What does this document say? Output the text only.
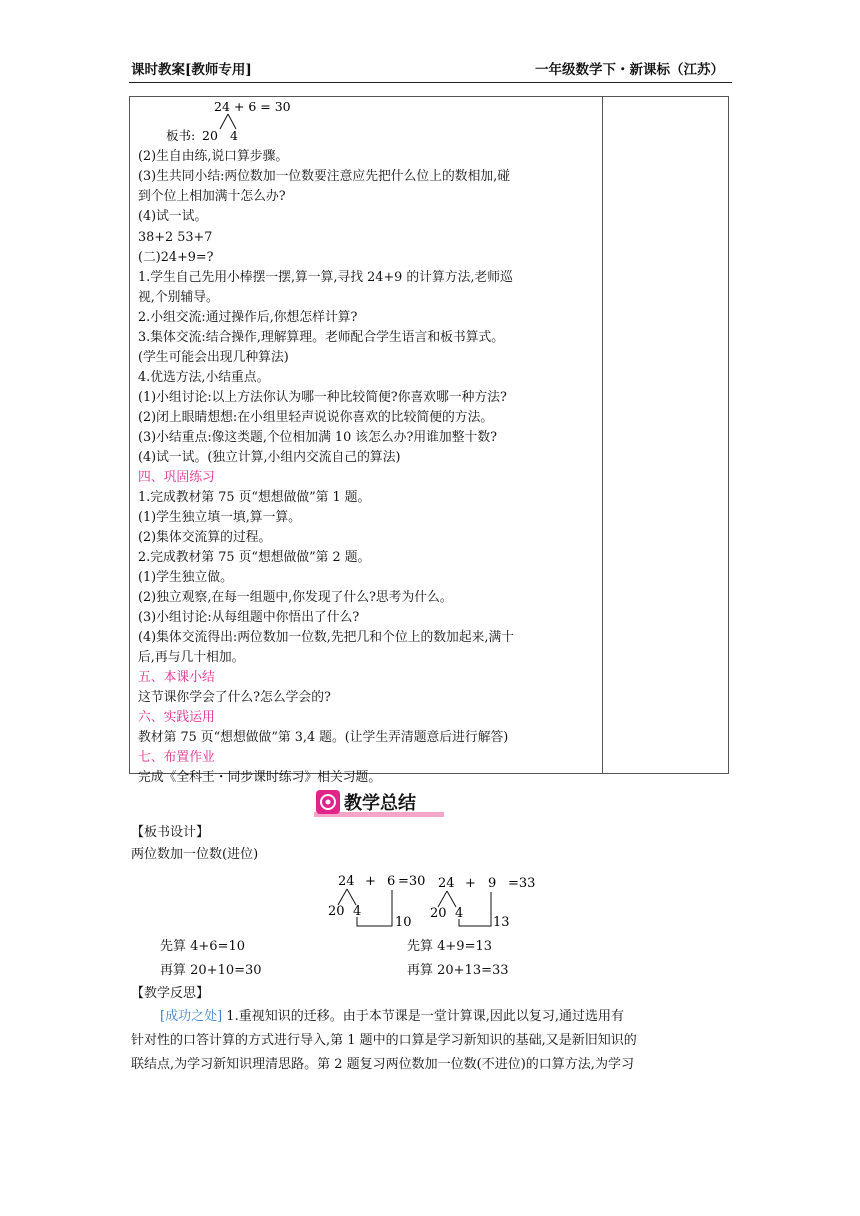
课时教案[教师专用]	一年级数学下・新课标（江苏）
24 + 6 = 30
板书: 20 4
(2)生自由练,说口算步骤。
(3)生共同小结:两位数加一位数要注意应先把什么位上的数相加,碰
到个位上相加满十怎么办?
(4)试一试。
38+2 53+7
(二)24+9=?
1.学生自己先用小棒摆一摆,算一算,寻找 24+9 的计算方法,老师巡
视,个别辅导。
2.小组交流:通过操作后,你想怎样计算?
3.集体交流:结合操作,理解算理。老师配合学生语言和板书算式。
(学生可能会出现几种算法)
4.优选方法,小结重点。
(1)小组讨论:以上方法你认为哪一种比较简便?你喜欢哪一种方法?
(2)闭上眼睛想想:在小组里轻声说说你喜欢的比较简便的方法。
(3)小结重点:像这类题,个位相加满 10 该怎么办?用谁加整十数?
(4)试一试。(独立计算,小组内交流自己的算法)
四、巩固练习
1.完成教材第 75 页“想想做做”第 1 题。
(1)学生独立填一填,算一算。
(2)集体交流算的过程。
2.完成教材第 75 页“想想做做”第 2 题。
(1)学生独立做。
(2)独立观察,在每一组题中,你发现了什么?思考为什么。
(3)小组讨论:从每组题中你悟出了什么?
(4)集体交流得出:两位数加一位数,先把几和个位上的数加起来,满十
后,再与几十相加。
五、本课小结
这节课你学会了什么?怎么学会的?
六、实践运用
教材第 75 页“想想做做”第 3,4 题。(让学生弄清题意后进行解答)
七、布置作业
完成《全科王・同步课时练习》相关习题。
教学总结
【板书设计】
两位数加一位数(进位)
24 + 6 =30
20 4
10
24 + 9 =33
20 4
13
先算 4+6=10
再算 20+10=30
先算 4+9=13
再算 20+13=33
【教学反思】
[成功之处] 1.重视知识的迁移。由于本节课是一堂计算课,因此以复习,通过选用有
针对性的口答计算的方式进行导入,第 1 题中的口算是学习新知识的基础,又是新旧知识的
联结点,为学习新知识理清思路。第 2 题复习两位数加一位数(不进位)的口算方法,为学习
